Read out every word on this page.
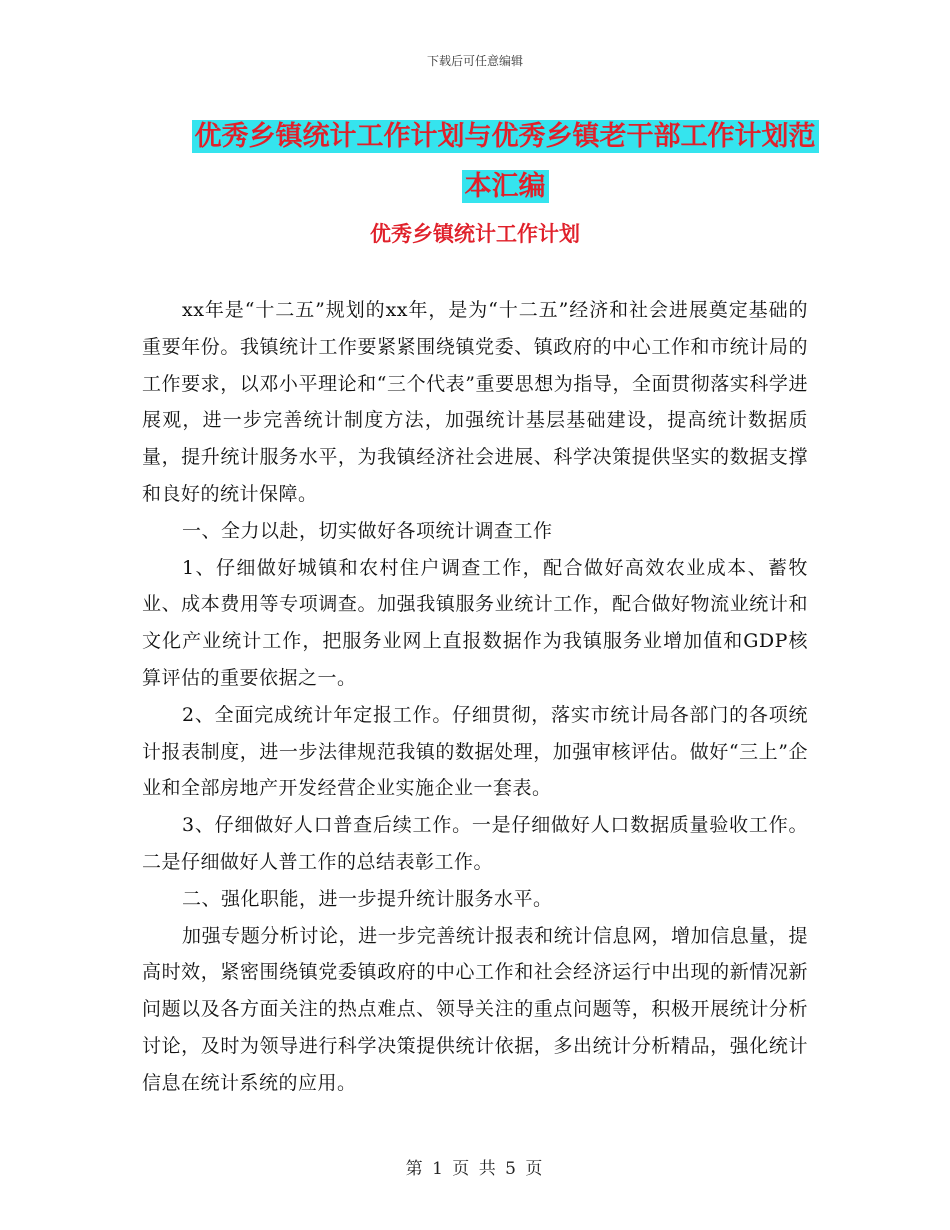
下载后可任意编辑
优秀乡镇统计工作计划与优秀乡镇老干部工作计划范
本汇编
优秀乡镇统计工作计划

xx年是“十二五”规划的xx年，是为“十二五”经济和社会进展奠定基础的重要年份。我镇统计工作要紧紧围绕镇党委、镇政府的中心工作和市统计局的工作要求，以邓小平理论和“三个代表”重要思想为指导，全面贯彻落实科学进展观，进一步完善统计制度方法，加强统计基层基础建设，提高统计数据质量，提升统计服务水平，为我镇经济社会进展、科学决策提供坚实的数据支撑和良好的统计保障。

一、全力以赴，切实做好各项统计调查工作

1、仔细做好城镇和农村住户调查工作，配合做好高效农业成本、蓄牧业、成本费用等专项调查。加强我镇服务业统计工作，配合做好物流业统计和文化产业统计工作，把服务业网上直报数据作为我镇服务业增加值和GDP核算评估的重要依据之一。

2、全面完成统计年定报工作。仔细贯彻，落实市统计局各部门的各项统计报表制度，进一步法律规范我镇的数据处理，加强审核评估。做好“三上”企业和全部房地产开发经营企业实施企业一套表。

3、仔细做好人口普查后续工作。一是仔细做好人口数据质量验收工作。二是仔细做好人普工作的总结表彰工作。

二、强化职能，进一步提升统计服务水平。

加强专题分析讨论，进一步完善统计报表和统计信息网，增加信息量，提高时效，紧密围绕镇党委镇政府的中心工作和社会经济运行中出现的新情况新问题以及各方面关注的热点难点、领导关注的重点问题等，积极开展统计分析讨论，及时为领导进行科学决策提供统计依据，多出统计分析精品，强化统计信息在统计系统的应用。

第 1 页 共 5 页
